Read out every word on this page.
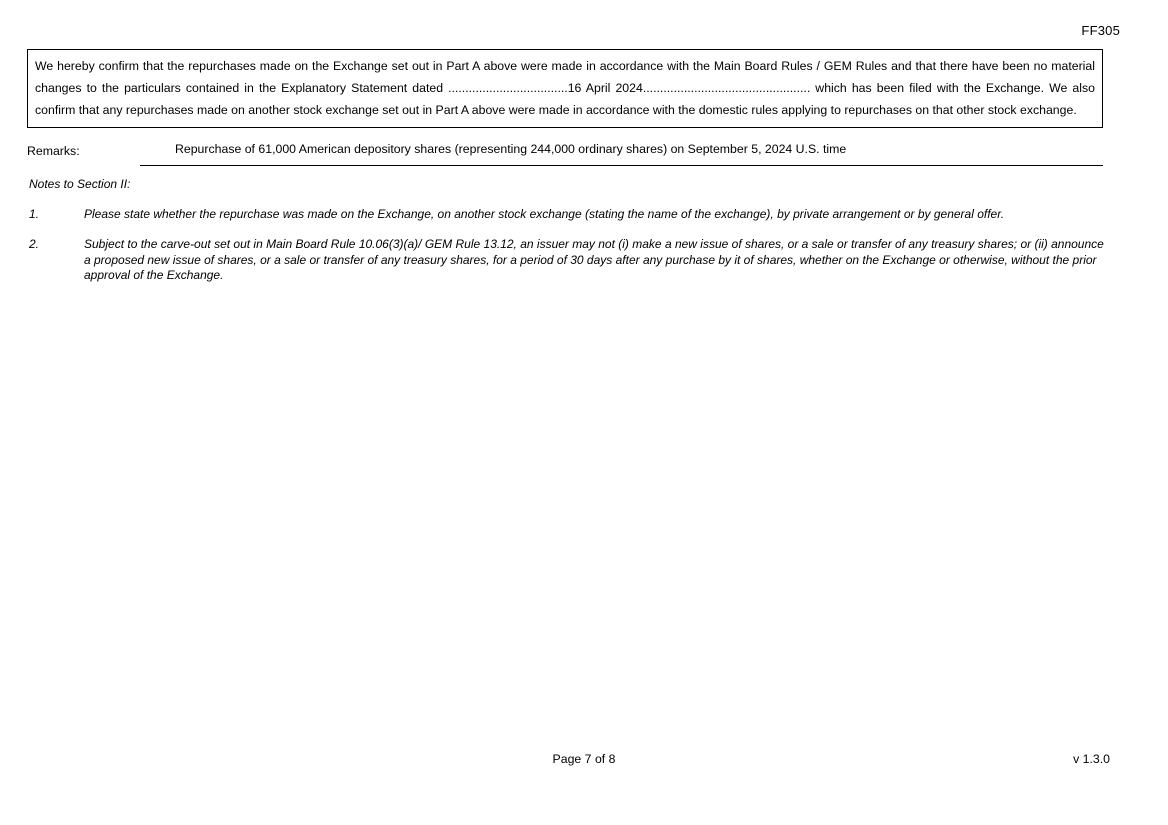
FF305

We hereby confirm that the repurchases made on the Exchange set out in Part A above were made in accordance with the Main Board Rules / GEM Rules and that there have been no material changes to the particulars contained in the Explanatory Statement dated ...................................16 April 2024................................................. which has been filed with the Exchange. We also confirm that any repurchases made on another stock exchange set out in Part A above were made in accordance with the domestic rules applying to repurchases on that other stock exchange.

Remarks:	Repurchase of 61,000 American depository shares (representing 244,000 ordinary shares) on September 5, 2024 U.S. time
Notes to Section II:
1.	Please state whether the repurchase was made on the Exchange, on another stock exchange (stating the name of the exchange), by private arrangement or by general offer.
2.	Subject to the carve-out set out in Main Board Rule 10.06(3)(a)/ GEM Rule 13.12, an issuer may not (i) make a new issue of shares, or a sale or transfer of any treasury shares; or (ii) announce a proposed new issue of shares, or a sale or transfer of any treasury shares, for a period of 30 days after any purchase by it of shares, whether on the Exchange or otherwise, without the prior approval of the Exchange.
Page 7 of 8	v 1.3.0
